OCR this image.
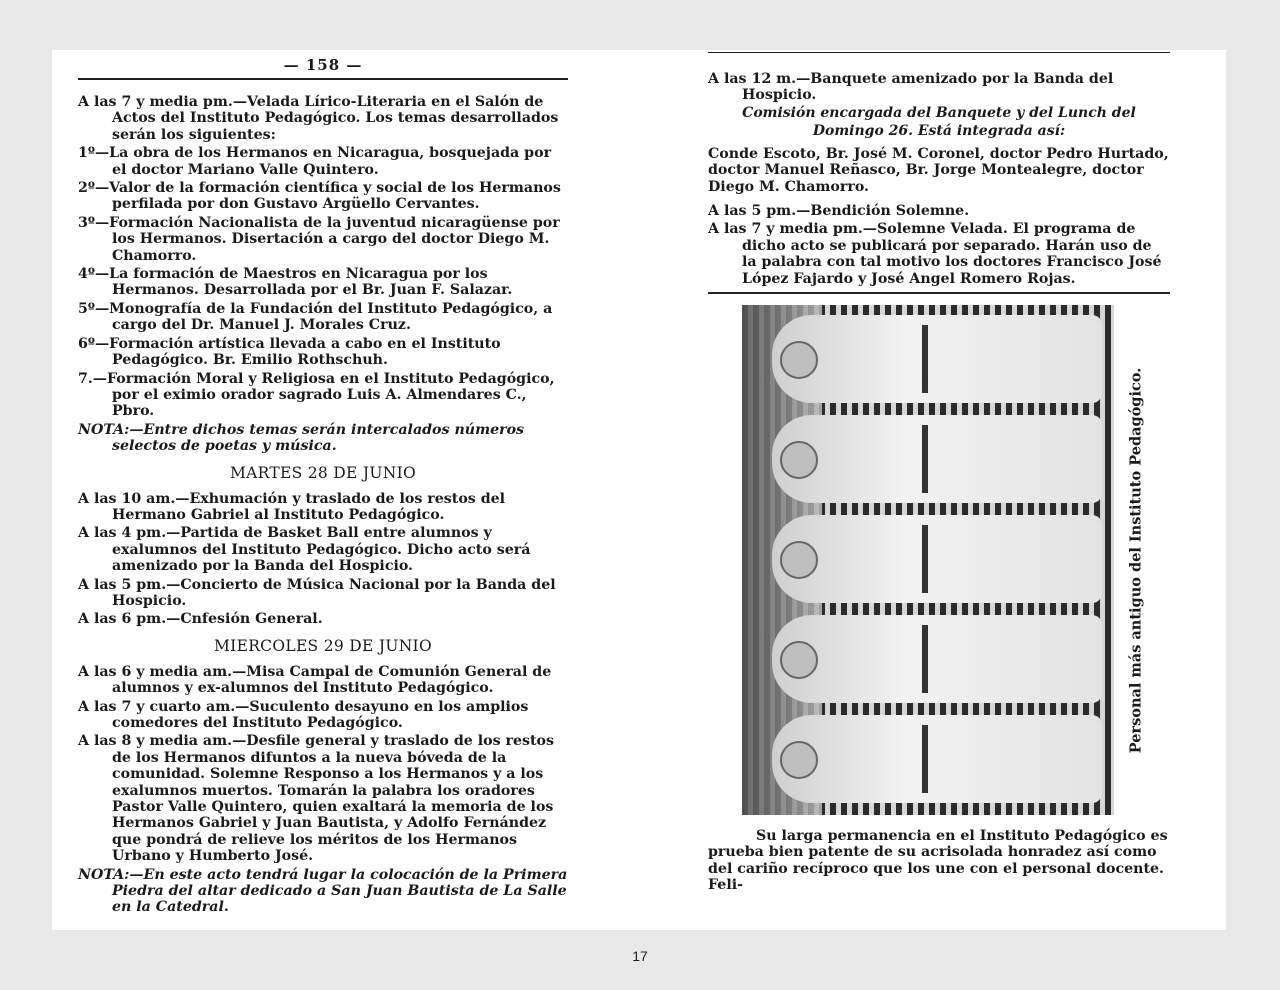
— 158 —

A las 7 y media pm.—Velada Lírico-Literaria en el Salón de Actos del Instituto Pedagógico. Los temas desarrollados serán los siguientes:

1º—La obra de los Hermanos en Nicaragua, bosquejada por el doctor Mariano Valle Quintero.

2º—Valor de la formación científica y social de los Hermanos perfilada por don Gustavo Argüello Cervantes.

3º—Formación Nacionalista de la juventud nicaragüense por los Hermanos. Disertación a cargo del doctor Diego M. Chamorro.

4º—La formación de Maestros en Nicaragua por los Hermanos. Desarrollada por el Br. Juan F. Salazar.

5º—Monografía de la Fundación del Instituto Pedagógico, a cargo del Dr. Manuel J. Morales Cruz.

6º—Formación artística llevada a cabo en el Instituto Pedagógico. Br. Emilio Rothschuh.

7.—Formación Moral y Religiosa en el Instituto Pedagógico, por el eximio orador sagrado Luis A. Almendares C., Pbro.

NOTA:—Entre dichos temas serán intercalados números selectos de poetas y música.

MARTES 28 DE JUNIO

A las 10 am.—Exhumación y traslado de los restos del Hermano Gabriel al Instituto Pedagógico.

A las 4 pm.—Partida de Basket Ball entre alumnos y exalumnos del Instituto Pedagógico. Dicho acto será amenizado por la Banda del Hospicio.

A las 5 pm.—Concierto de Música Nacional por la Banda del Hospicio.

A las 6 pm.—Cnfesión General.

MIERCOLES 29 DE JUNIO

A las 6 y media am.—Misa Campal de Comunión General de alumnos y ex-alumnos del Instituto Pedagógico.

A las 7 y cuarto am.—Suculento desayuno en los amplios comedores del Instituto Pedagógico.

A las 8 y media am.—Desfile general y traslado de los restos de los Hermanos difuntos a la nueva bóveda de la comunidad. Solemne Responso a los Hermanos y a los exalumnos muertos. Tomarán la palabra los oradores Pastor Valle Quintero, quien exaltará la memoria de los Hermanos Gabriel y Juan Bautista, y Adolfo Fernández que pondrá de relieve los méritos de los Hermanos Urbano y Humberto José.

NOTA:—En este acto tendrá lugar la colocación de la Primera Piedra del altar dedicado a San Juan Bautista de La Salle en la Catedral.

A las 12 m.—Banquete amenizado por la Banda del Hospicio.

Comisión encargada del Banquete y del Lunch del Domingo 26. Está integrada así:

Conde Escoto, Br. José M. Coronel, doctor Pedro Hurtado, doctor Manuel Reñasco, Br. Jorge Montealegre, doctor Diego M. Chamorro.

A las 5 pm.—Bendición Solemne.

A las 7 y media pm.—Solemne Velada. El programa de dicho acto se publicará por separado. Harán uso de la palabra con tal motivo los doctores Francisco José López Fajardo y José Angel Romero Rojas.

Personal más antiguo del Instituto Pedagógico.

Su larga permanencia en el Instituto Pedagógico es prueba bien patente de su acrisolada honradez así como del cariño recíproco que los une con el personal docente. Feli-

17
